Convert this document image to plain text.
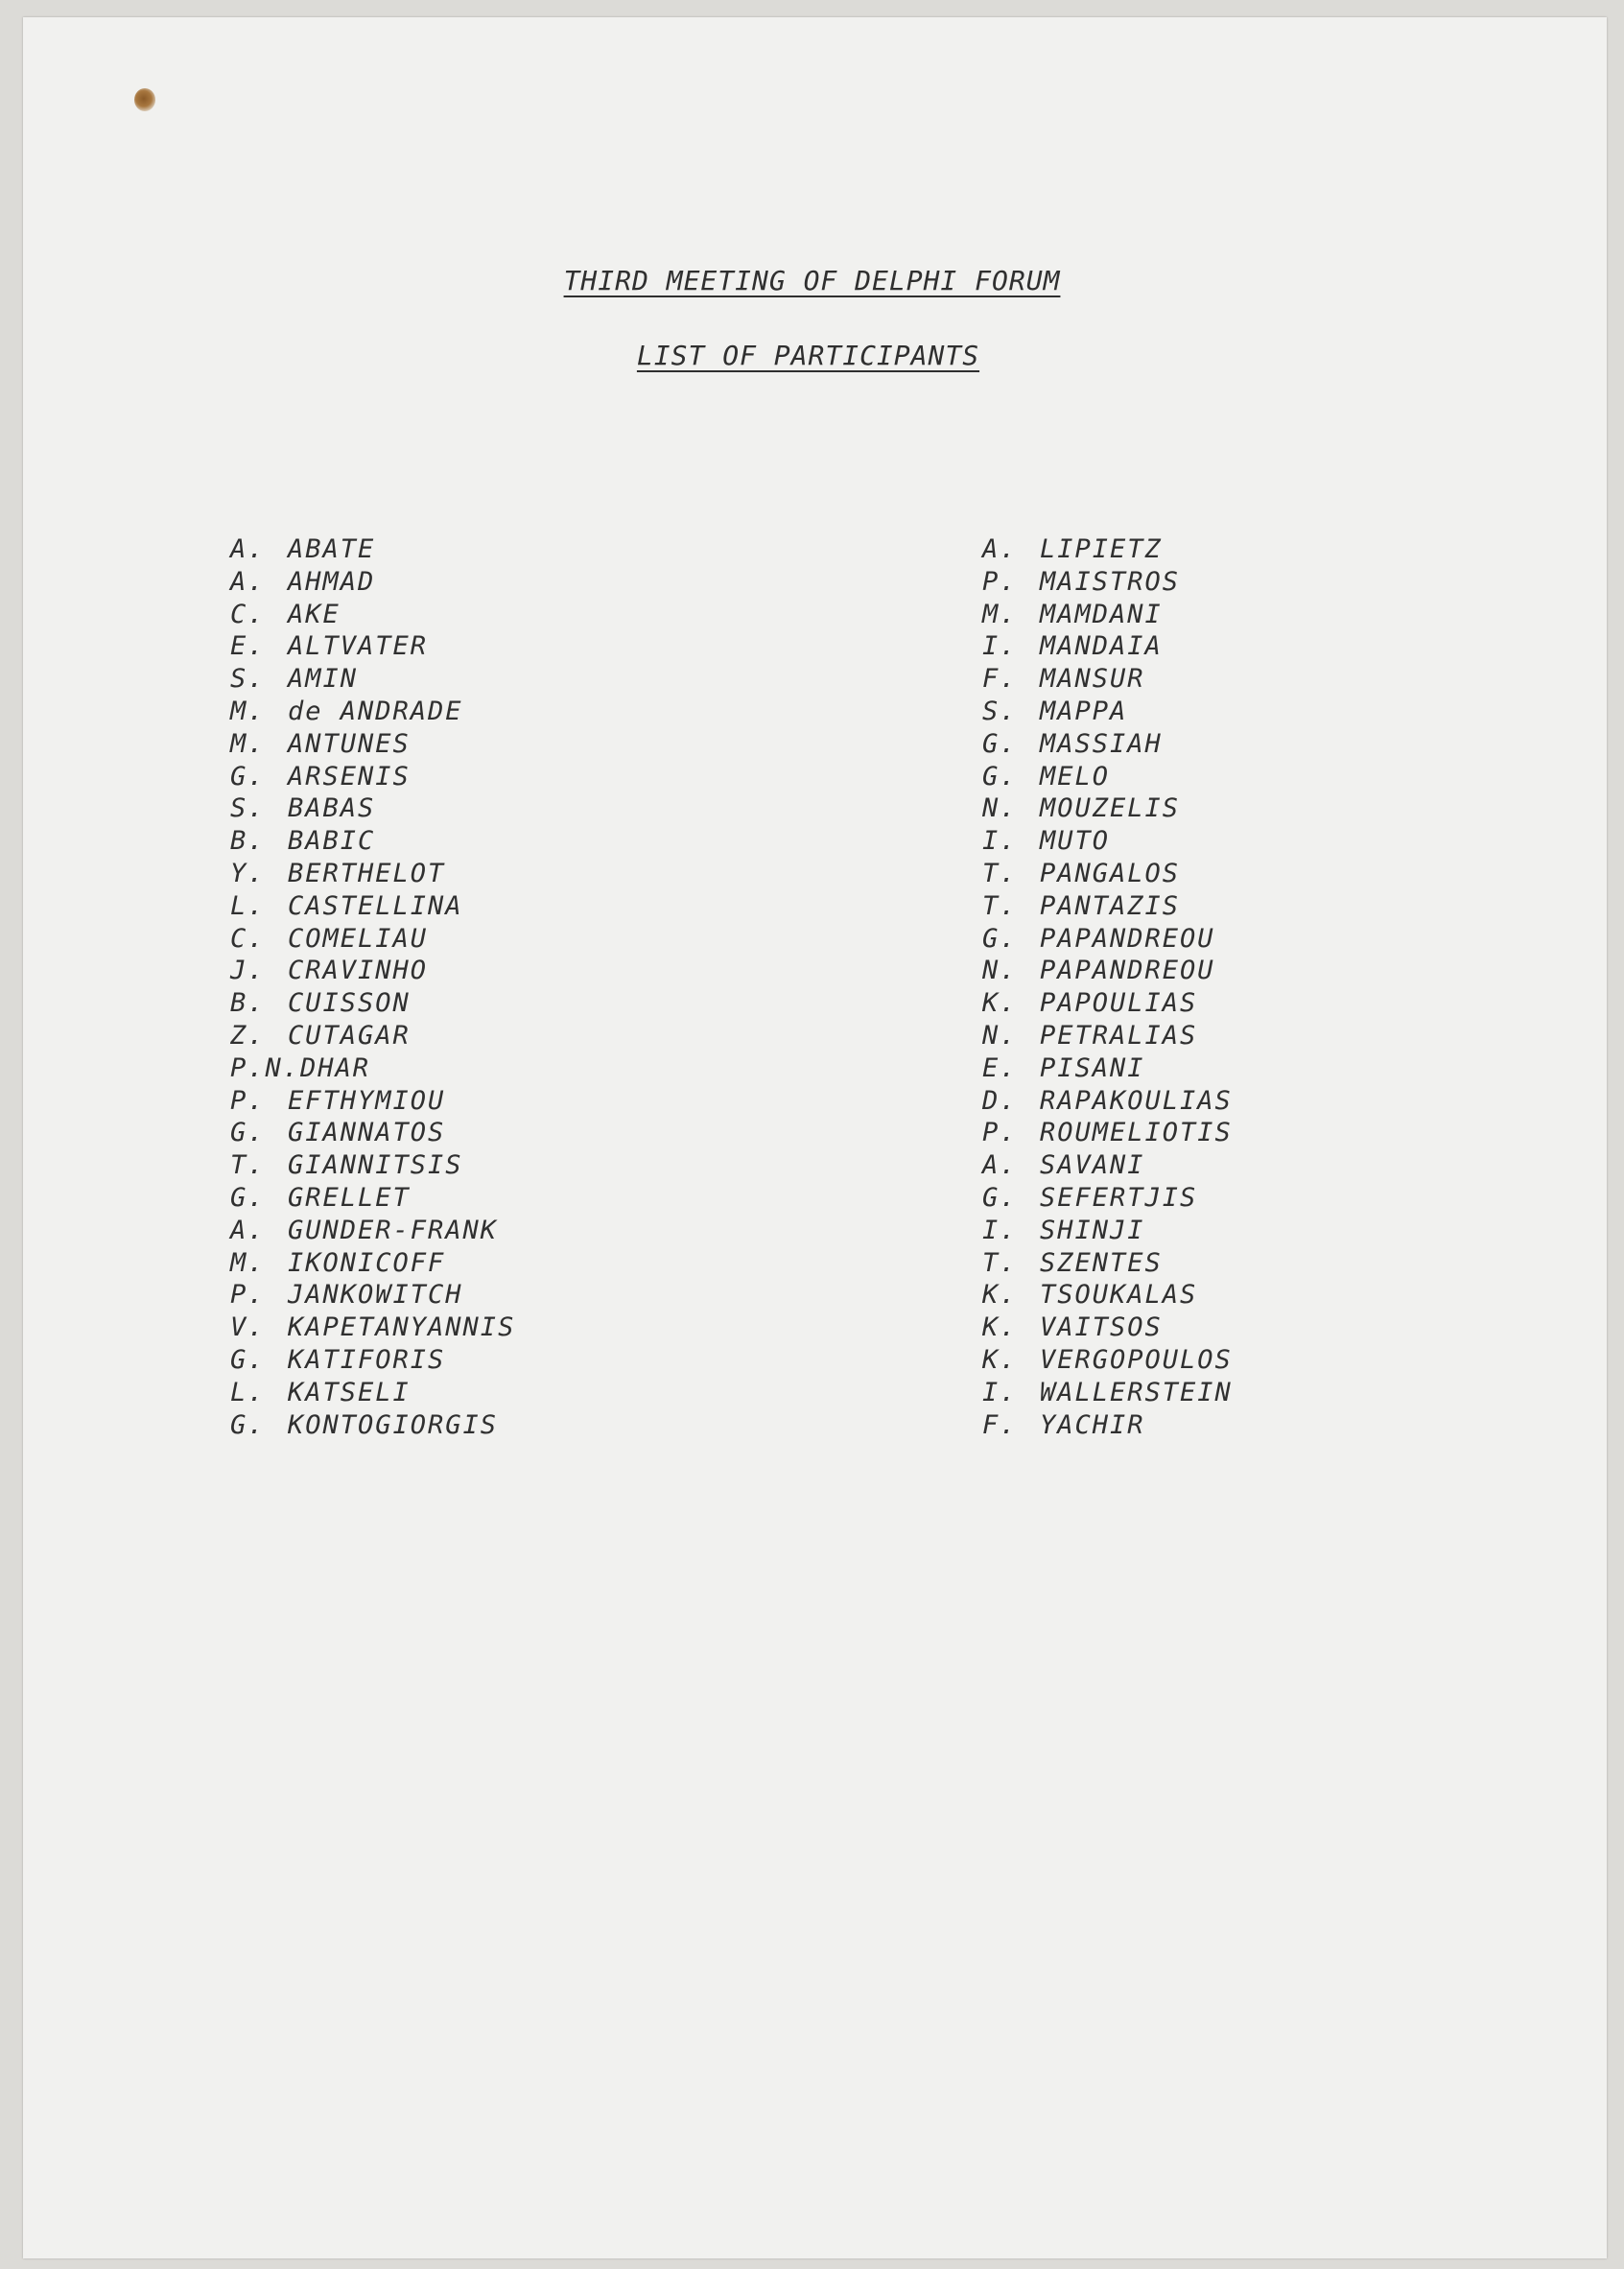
THIRD MEETING OF DELPHI FORUM
LIST OF PARTICIPANTS
A. ABATE
A. AHMAD
C. AKE
E. ALTVATER
S. AMIN
M. de ANDRADE
M. ANTUNES
G. ARSENIS
S. BABAS
B. BABIC
Y. BERTHELOT
L. CASTELLINA
C. COMELIAU
J. CRAVINHO
B. CUISSON
Z. CUTAGAR
P.N.DHAR
P. EFTHYMIOU
G. GIANNATOS
T. GIANNITSIS
G. GRELLET
A. GUNDER-FRANK
M. IKONICOFF
P. JANKOWITCH
V. KAPETANYANNIS
G. KATIFORIS
L. KATSELI
G. KONTOGIORGIS
A. LIPIETZ
P. MAISTROS
M. MAMDANI
I. MANDAIA
F. MANSUR
S. MAPPA
G. MASSIAH
G. MELO
N. MOUZELIS
I. MUTO
T. PANGALOS
T. PANTAZIS
G. PAPANDREOU
N. PAPANDREOU
K. PAPOULIAS
N. PETRALIAS
E. PISANI
D. RAPAKOULIAS
P. ROUMELIOTIS
A. SAVANI
G. SEFERTJIS
I. SHINJI
T. SZENTES
K. TSOUKALAS
K. VAITSOS
K. VERGOPOULOS
I. WALLERSTEIN
F. YACHIR
